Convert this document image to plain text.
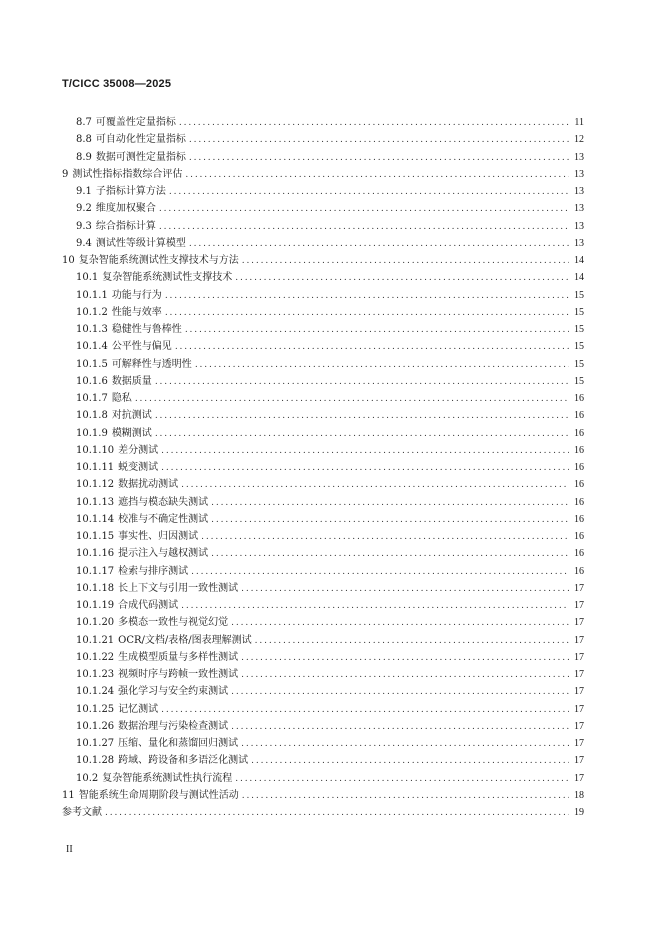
T/CICC 35008—2025
8.7 可覆盖性定量指标 . . .	11
8.8 可自动化性定量指标 . . .	12
8.9 数据可测性定量指标 . . .	13
9 测试性指标指数综合评估 . . .	13
9.1 子指标计算方法 . . .	13
9.2 维度加权聚合 . . .	13
9.3 综合指标计算 . . .	13
9.4 测试性等级计算模型 . . .	13
10 复杂智能系统测试性支撑技术与方法 . . .	14
10.1 复杂智能系统测试性支撑技术 . . .	14
10.1.1 功能与行为 . . .	15
10.1.2 性能与效率 . . .	15
10.1.3 稳健性与鲁棒性 . . .	15
10.1.4 公平性与偏见 . . .	15
10.1.5 可解释性与透明性 . . .	15
10.1.6 数据质量 . . .	15
10.1.7 隐私 . . .	16
10.1.8 对抗测试 . . .	16
10.1.9 模糊测试 . . .	16
10.1.10 差分测试 . . .	16
10.1.11 蜕变测试 . . .	16
10.1.12 数据扰动测试 . . .	16
10.1.13 遮挡与模态缺失测试 . . .	16
10.1.14 校准与不确定性测试 . . .	16
10.1.15 事实性、归因测试 . . .	16
10.1.16 提示注入与越权测试 . . .	16
10.1.17 检索与排序测试 . . .	16
10.1.18 长上下文与引用一致性测试 . . .	17
10.1.19 合成代码测试 . . .	17
10.1.20 多模态一致性与视觉幻觉 . . .	17
10.1.21 OCR/文档/表格/图表理解测试 . . .	17
10.1.22 生成模型质量与多样性测试 . . .	17
10.1.23 视频时序与跨帧一致性测试 . . .	17
10.1.24 强化学习与安全约束测试 . . .	17
10.1.25 记忆测试 . . .	17
10.1.26 数据治理与污染检查测试 . . .	17
10.1.27 压缩、量化和蒸馏回归测试 . . .	17
10.1.28 跨域、跨设备和多语泛化测试 . . .	17
10.2 复杂智能系统测试性执行流程 . . .	17
11 智能系统生命周期阶段与测试性活动 . . .	18
参考文献 . . .	19
II
